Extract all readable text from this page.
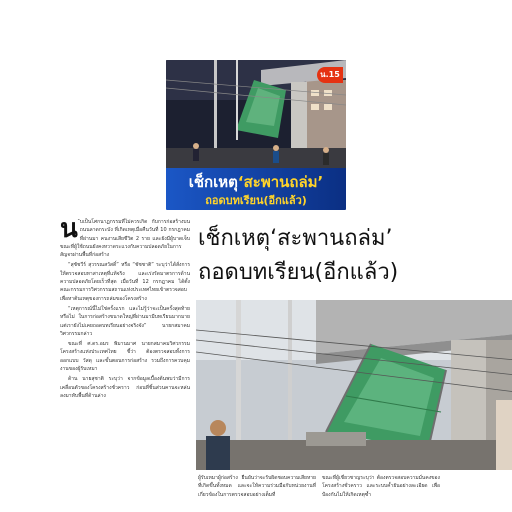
น.15
เช็กเหตุ‘สะพานถล่ม’
ถอดบทเรียน(อีกแล้ว)
เช็กเหตุ‘สะพานถล่ม’
ถอดบทเรียน(อีกแล้ว)
น ับเป็นโศกนาฏกรรมที่ไม่ควรเกิด กับการก่อสร้างบนถนนลาดกระบัง ที่เกิดเหตุเมื่อคืนวันที่ 10 กรกฎาคมที่ผ่านมา คนงานเสียชีวิต 2 ราย และยังมีผู้บาดเจ็บ ขณะที่ผู้ใช้ถนนยังคงหวาดระแวงกับความปลอดภัยในการสัญจรผ่านพื้นที่ก่อสร้าง

“สุชัชวีร์ สุวรรณสวัสดิ์” หรือ “ชัชชาติ” ระบุว่าได้สั่งการให้ตรวจสอบหาสาเหตุที่แท้จริง และเร่งรัดมาตรการด้านความปลอดภัยโดยเร็วที่สุด เมื่อวันที่ 12 กรกฎาคม ได้ตั้งคณะกรรมการวิศวกรรมสถานแห่งประเทศไทยเข้าตรวจสอบ เพื่อหาต้นเหตุของการถล่มของโครงสร้าง

“เหตุการณ์นี้ไม่ใช่ครั้งแรก และไม่รู้ว่าจะเป็นครั้งสุดท้ายหรือไม่ ในการก่อสร้างขนาดใหญ่ที่ผ่านมามีบทเรียนมากมาย แต่เรายังไม่เคยถอดบทเรียนอย่างจริงจัง” นายกสมาคมวิศวกรรมกล่าว

ขณะที่ ศ.ดร.อมร พิมานมาศ นายกสมาคมวิศวกรรมโครงสร้างแห่งประเทศไทย ชี้ว่า ต้องตรวจสอบทั้งการออกแบบ วัสดุ และขั้นตอนการก่อสร้าง รวมถึงการควบคุมงานของผู้รับเหมา

ด้าน นายสุชาติ ระบุว่า จากข้อมูลเบื้องต้นพบว่ามีการเคลื่อนตัวของโครงสร้างชั่วคราว ก่อนที่ชิ้นส่วนคานจะหล่นลงมาทับพื้นที่ด้านล่าง

ผู้รับเหมาผู้ก่อสร้าง ยืนยันว่าจะรับผิดชอบความเสียหายที่เกิดขึ้นทั้งหมด และจะให้ความร่วมมือกับหน่วยงานที่เกี่ยวข้องในการตรวจสอบอย่างเต็มที่

ขณะที่ผู้เชี่ยวชาญระบุว่า ต้องตรวจสอบความมั่นคงของโครงสร้างชั่วคราว และระบบค้ำยันอย่างละเอียด เพื่อป้องกันไม่ให้เกิดเหตุซ้ำ
